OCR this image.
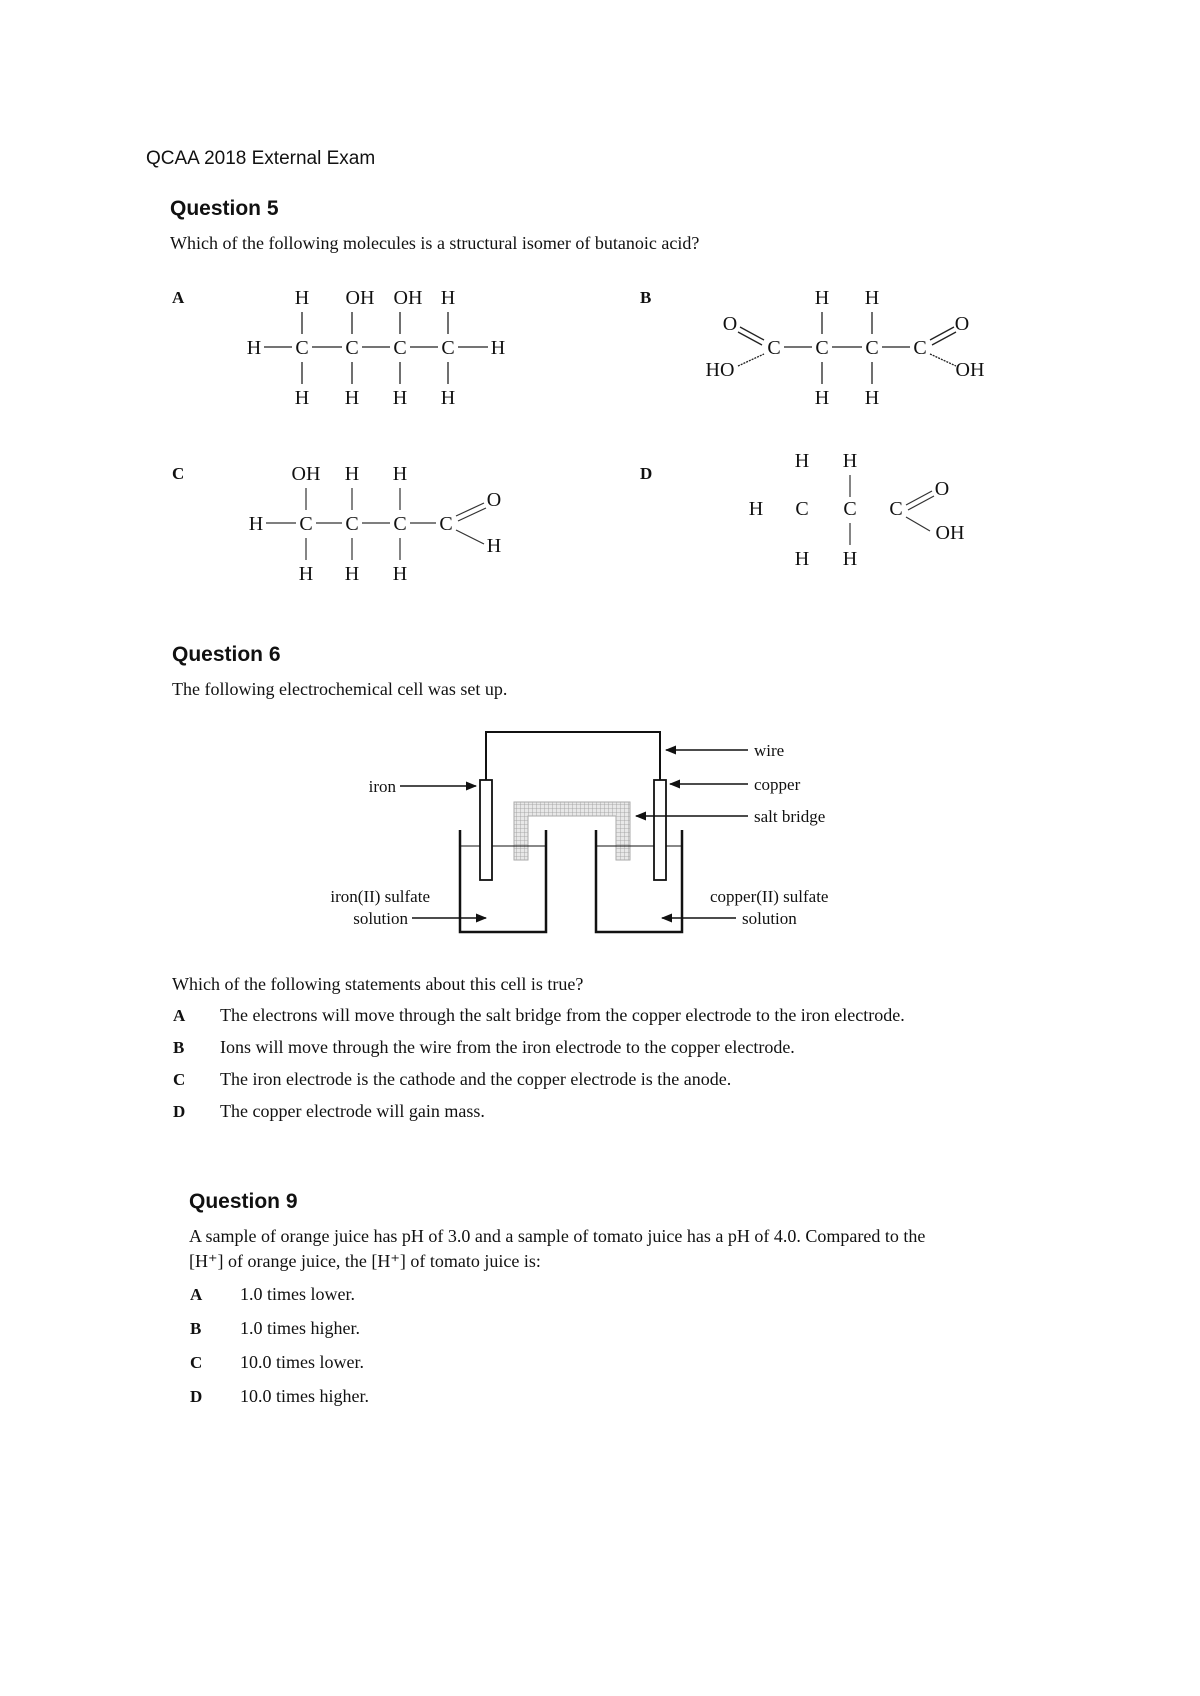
QCAA 2018 External Exam
Question 5
Which of the following molecules is a structural isomer of butanoic acid?
A	B
C	D
H OH OH H
H C C C C H
H H H H
H H
O	O
C C C C
HO	OH
H H
OH H H
O
H C C C C
H
H H H
H H
O
H C C C
OH
H H
Question 6
The following electrochemical cell was set up.
wire
copper
salt bridge
iron
iron(II) sulfate
solution
copper(II) sulfate
solution
Which of the following statements about this cell is true?
A The electrons will move through the salt bridge from the copper electrode to the iron electrode.
B Ions will move through the wire from the iron electrode to the copper electrode.
C The iron electrode is the cathode and the copper electrode is the anode.
D The copper electrode will gain mass.
Question 9
A sample of orange juice has pH of 3.0 and a sample of tomato juice has a pH of 4.0. Compared to the
[H⁺] of orange juice, the [H⁺] of tomato juice is:
A 1.0 times lower.
B 1.0 times higher.
C 10.0 times lower.
D 10.0 times higher.
